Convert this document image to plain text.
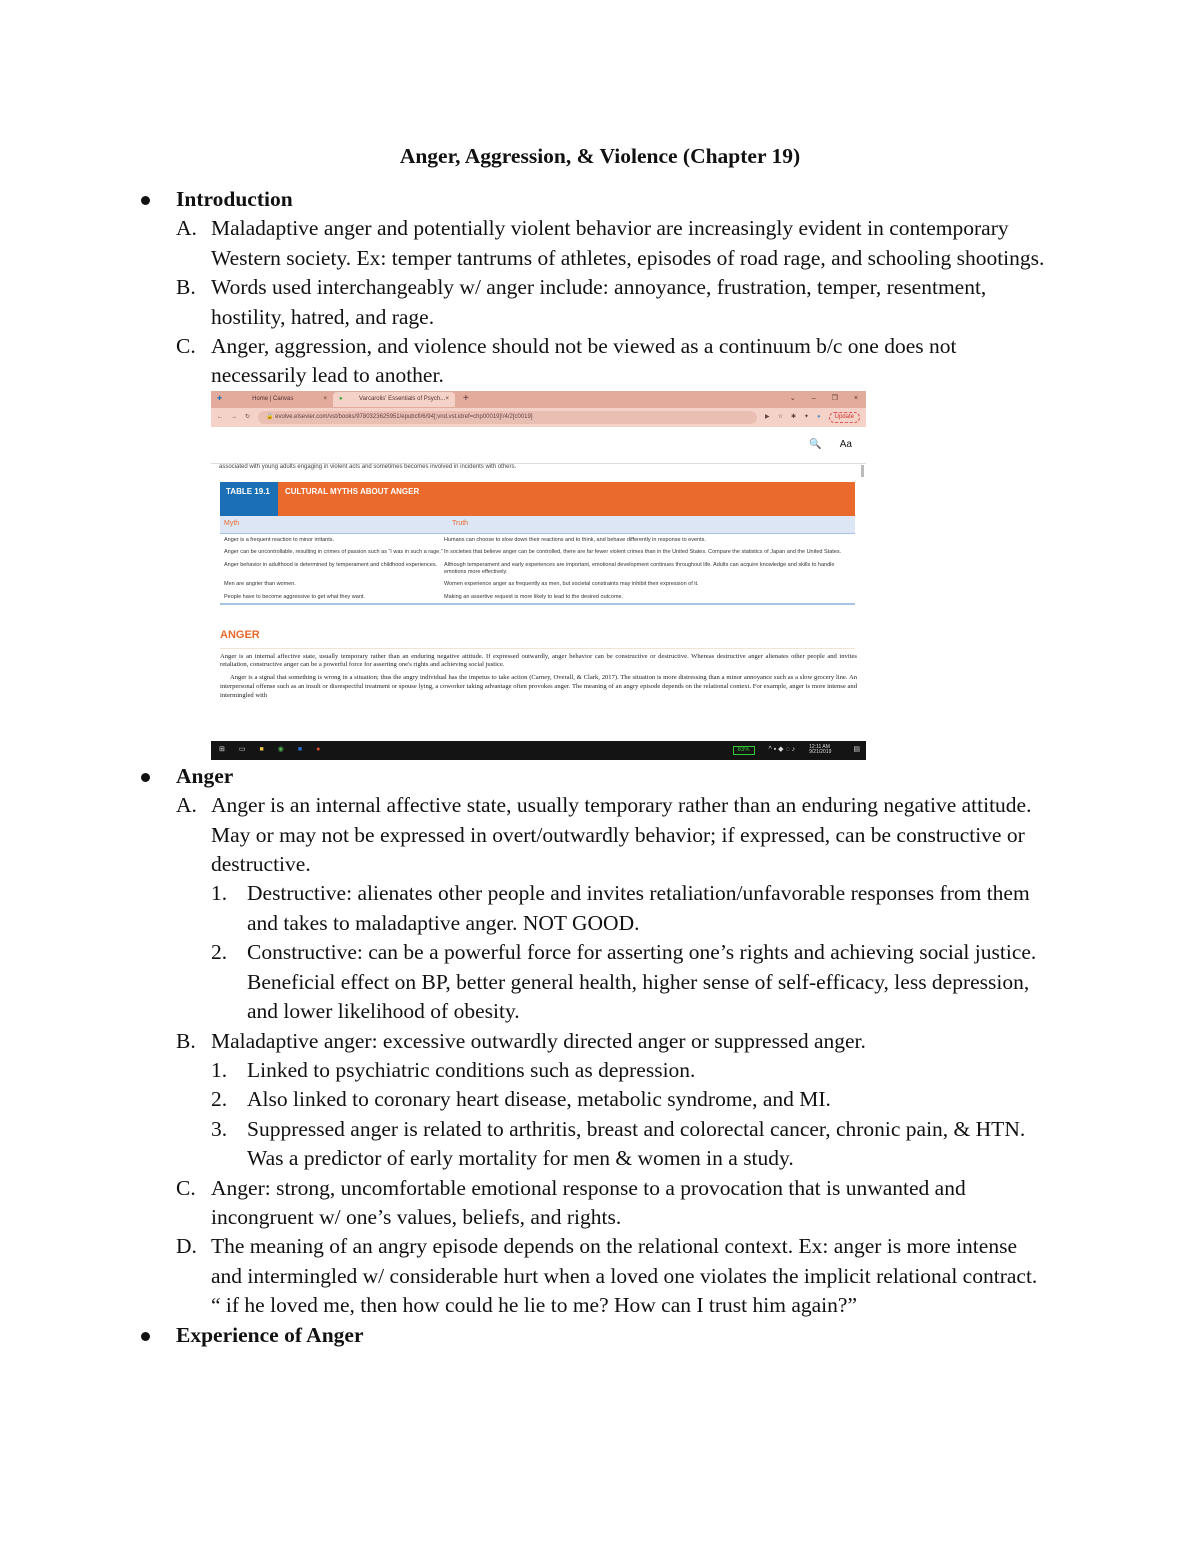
Anger, Aggression, & Violence (Chapter 19)
Introduction
A. Maladaptive anger and potentially violent behavior are increasingly evident in contemporary Western society. Ex: temper tantrums of athletes, episodes of road rage, and schooling shootings.
B. Words used interchangeably w/ anger include: annoyance, frustration, temper, resentment, hostility, hatred, and rage.
C. Anger, aggression, and violence should not be viewed as a continuum b/c one does not necessarily lead to another.
✚	Home | Canvas	× ●	Varcarolis' Essentials of Psych... ×	+	⌄ – ❐ ×
← → ↻	🔒 evolve.elsevier.com/vst/books/9780323625951/epubcfi/6/94[;vnd.vst.idref=chp00019]!/4/2[c0019]	▶ ☆ ✱ ✦ ●	Update
🔍 Aa
associated with young adults engaging in violent acts and sometimes becomes involved in incidents with others.
TABLE 19.1	CULTURAL MYTHS ABOUT ANGER
Myth	Truth
Anger is a frequent reaction to minor irritants.	Humans can choose to slow down their reactions and to think, and behave differently in response to events.
Anger can be uncontrollable, resulting in crimes of passion such as “I was in such a rage.” In societies that believe anger can be controlled, there are far fewer violent crimes than in the United States. Compare the statistics of Japan and the United States.
Anger behavior in adulthood is determined by temperament and childhood experiences.	Although temperament and early experiences are important, emotional development continues throughout life. Adults can acquire knowledge and skills to handle emotions more effectively.
Men are angrier than women.	Women experience anger as frequently as men, but societal constraints may inhibit their expression of it.
People have to become aggressive to get what they want.	Making an assertive request is more likely to lead to the desired outcome.
ANGER
Anger is an internal affective state, usually temporary rather than an enduring negative attitude. If expressed outwardly, anger behavior can be constructive or destructive. Whereas destructive anger alienates other people and invites retaliation, constructive anger can be a powerful force for asserting one's rights and achieving social justice.
Anger is a signal that something is wrong in a situation; thus the angry individual has the impetus to take action (Carney, Overall, & Clark, 2017). The situation is more distressing than a minor annoyance such as a slow grocery line. An interpersonal offense such as an insult or disrespectful treatment or spouse lying, a coworker taking advantage often provokes anger. The meaning of an angry episode depends on the relational context. For example, anger is more intense and intermingled with
⊞ ▭ ■ ◉ ■ ●	83%	^ ▪ ◆ ◌ ♪	12:11 AM
9/21/2019	▤
Anger
A. Anger is an internal affective state, usually temporary rather than an enduring negative attitude. May or may not be expressed in overt/outwardly behavior; if expressed, can be constructive or destructive.
1. Destructive: alienates other people and invites retaliation/unfavorable responses from them and takes to maladaptive anger. NOT GOOD.
2. Constructive: can be a powerful force for asserting one’s rights and achieving social justice. Beneficial effect on BP, better general health, higher sense of self-efficacy, less depression, and lower likelihood of obesity.
B. Maladaptive anger: excessive outwardly directed anger or suppressed anger.
1. Linked to psychiatric conditions such as depression.
2. Also linked to coronary heart disease, metabolic syndrome, and MI.
3. Suppressed anger is related to arthritis, breast and colorectal cancer, chronic pain, & HTN. Was a predictor of early mortality for men & women in a study.
C. Anger: strong, uncomfortable emotional response to a provocation that is unwanted and incongruent w/ one’s values, beliefs, and rights.
D. The meaning of an angry episode depends on the relational context. Ex: anger is more intense and intermingled w/ considerable hurt when a loved one violates the implicit relational contract. “ if he loved me, then how could he lie to me? How can I trust him again?”
Experience of Anger
